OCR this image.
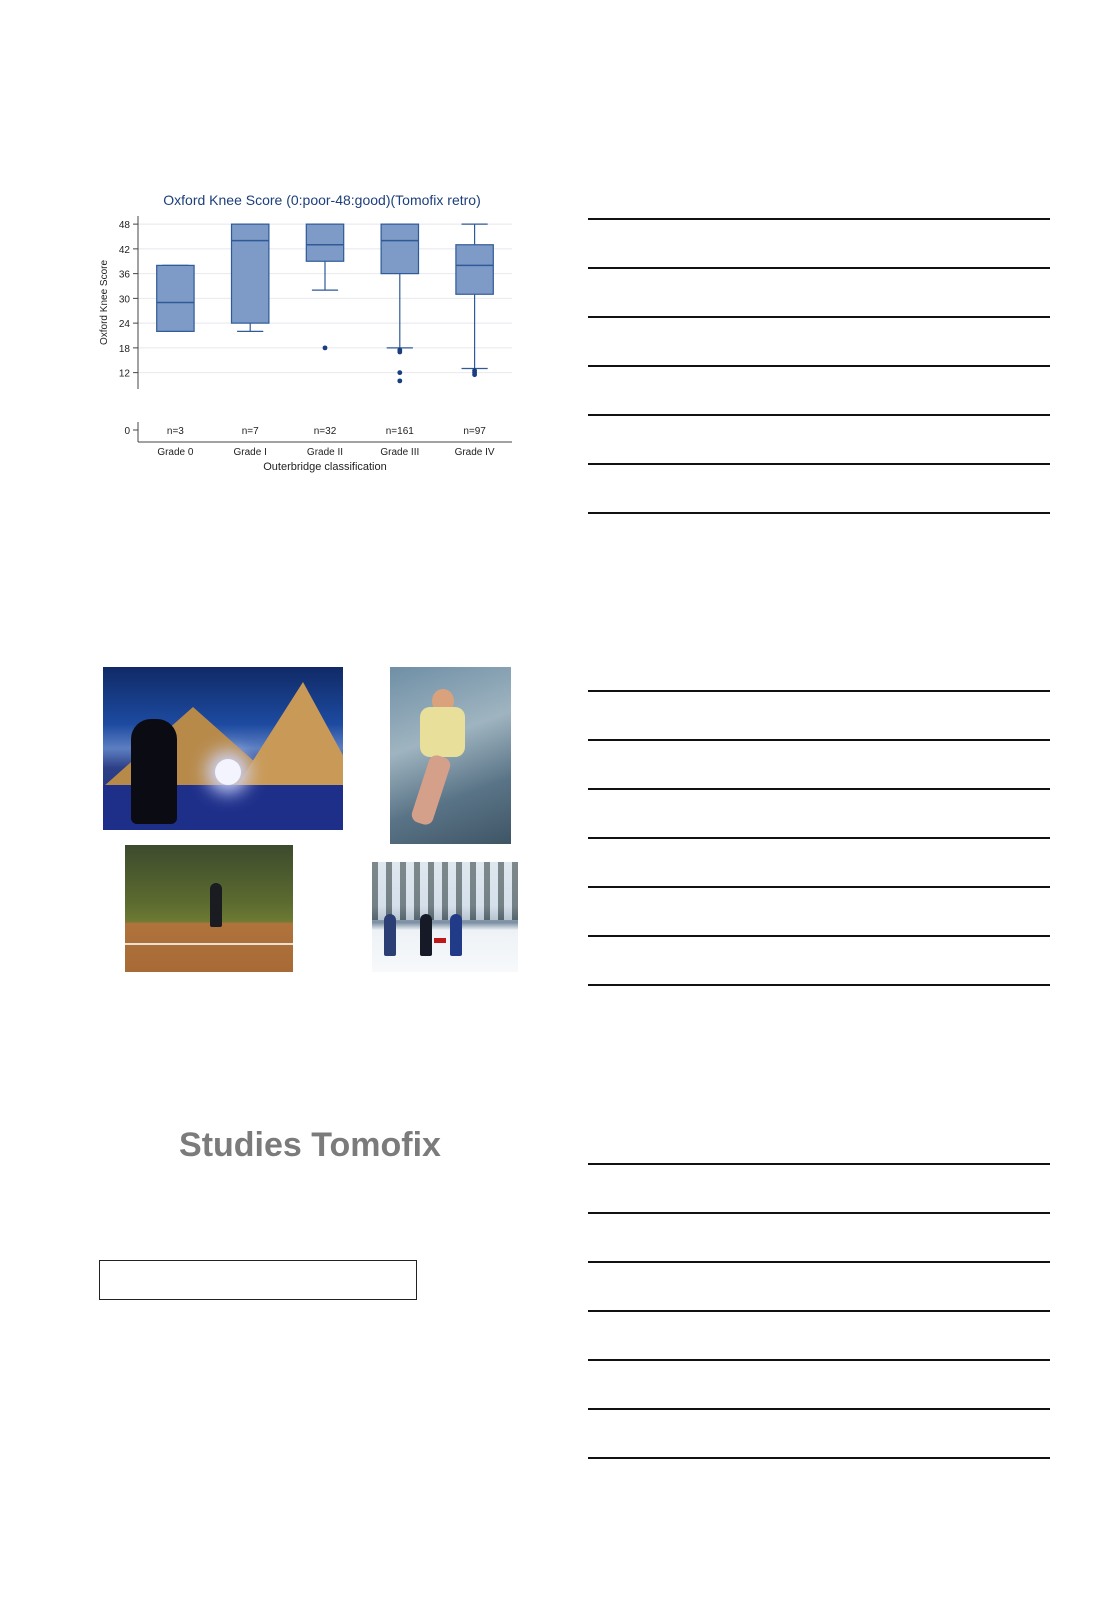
Oxford Knee Score (0:poor-48:good)(Tomofix retro)
12
18
24
30
36
42
48
Oxford Knee Score
0	n=3
Grade 0
n=7
Grade I
n=32
Grade II
n=161
Grade III
n=97
Grade IV
Outerbridge classification
Studies Tomofix
